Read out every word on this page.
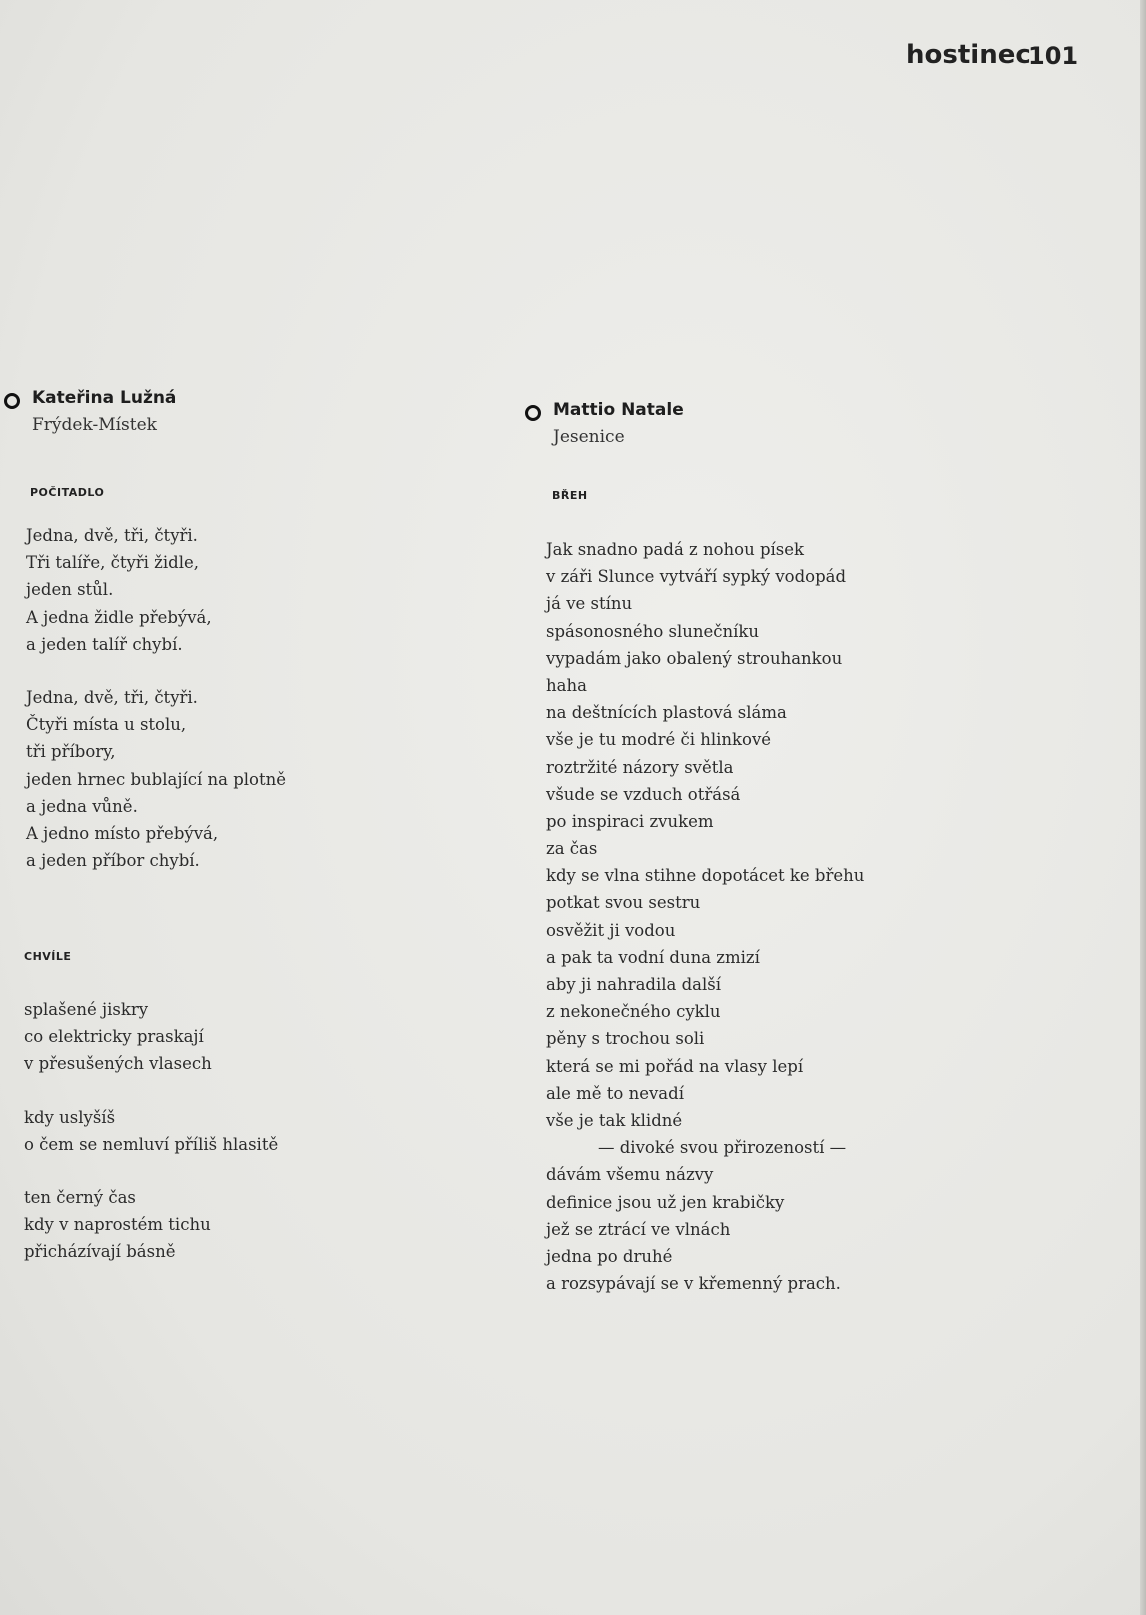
hostinec
101
Kateřina Lužná
Frýdek-Místek
POČITADLO
Jedna, dvě, tři, čtyři.
Tři talíře, čtyři židle,
jeden stůl.
A jedna židle přebývá,
a jeden talíř chybí.
Jedna, dvě, tři, čtyři.
Čtyři místa u stolu,
tři příbory,
jeden hrnec bublající na plotně
a jedna vůně.
A jedno místo přebývá,
a jeden příbor chybí.
CHVÍLE
splašené jiskry
co elektricky praskají
v přesušených vlasech
kdy uslyšíš
o čem se nemluví příliš hlasitě
ten černý čas
kdy v naprostém tichu
přicházívají básně
Mattio Natale
Jesenice
BŘEH
Jak snadno padá z nohou písek
v záři Slunce vytváří sypký vodopád
já ve stínu
spásonosného slunečníku
vypadám jako obalený strouhankou
haha
na deštnících plastová sláma
vše je tu modré či hlinkové
roztržité názory světla
všude se vzduch otřásá
po inspiraci zvukem
za čas
kdy se vlna stihne dopotácet ke břehu
potkat svou sestru
osvěžit ji vodou
a pak ta vodní duna zmizí
aby ji nahradila další
z nekonečného cyklu
pěny s trochou soli
která se mi pořád na vlasy lepí
ale mě to nevadí
vše je tak klidné
— divoké svou přirozeností —
dávám všemu názvy
definice jsou už jen krabičky
jež se ztrácí ve vlnách
jedna po druhé
a rozsypávají se v křemenný prach.
